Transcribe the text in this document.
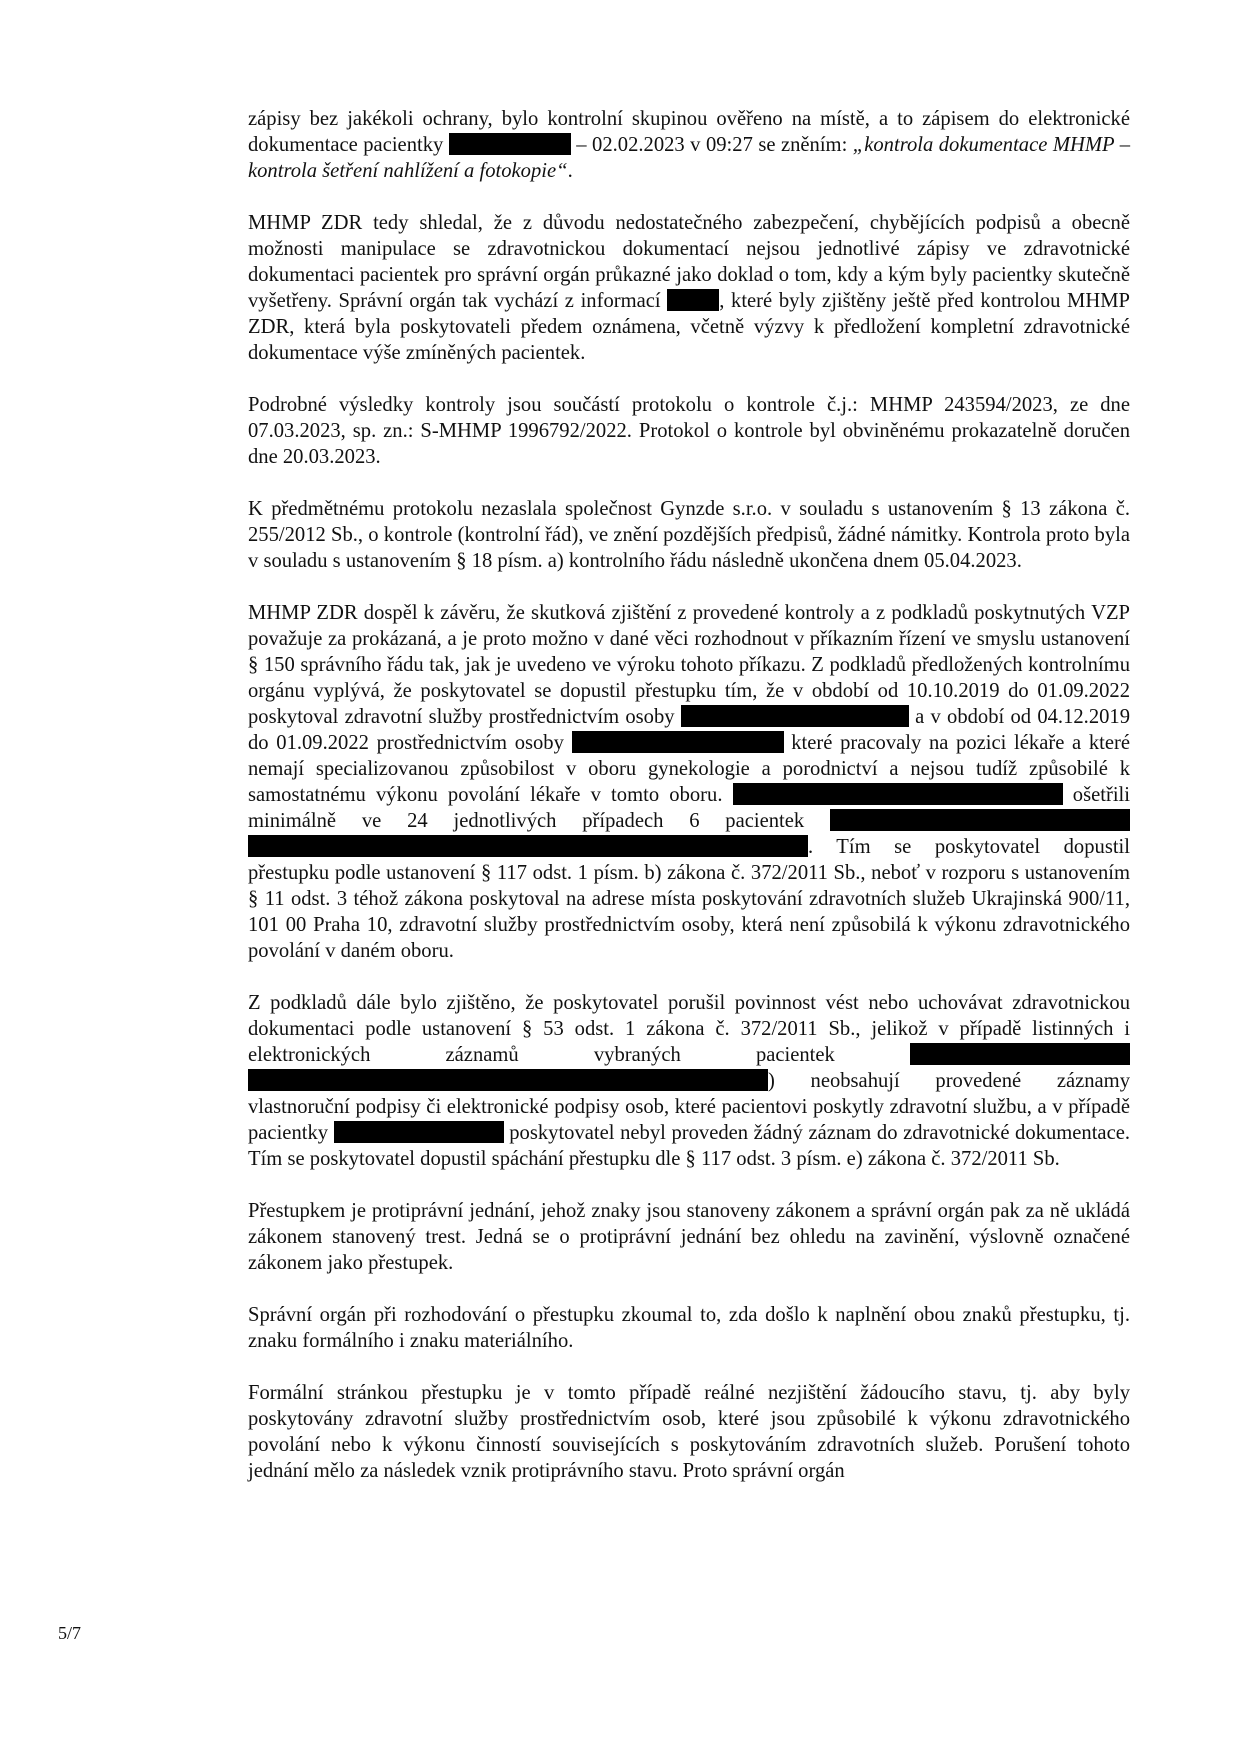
zápisy bez jakékoli ochrany, bylo kontrolní skupinou ověřeno na místě, a to zápisem do elektronické dokumentace pacientky	– 02.02.2023 v 09:27 se zněním: „kontrola dokumentace MHMP – kontrola šetření nahlížení a fotokopie“.

MHMP ZDR tedy shledal, že z důvodu nedostatečného zabezpečení, chybějících podpisů a obecně možnosti manipulace se zdravotnickou dokumentací nejsou jednotlivé zápisy ve zdravotnické dokumentaci pacientek pro správní orgán průkazné jako doklad o tom, kdy a kým byly pacientky skutečně vyšetřeny. Správní orgán tak vychází z informací	, které byly zjištěny ještě před kontrolou MHMP ZDR, která byla poskytovateli předem oznámena, včetně výzvy k předložení kompletní zdravotnické dokumentace výše zmíněných pacientek.

Podrobné výsledky kontroly jsou součástí protokolu o kontrole č.j.: MHMP 243594/2023, ze dne 07.03.2023, sp. zn.: S-MHMP 1996792/2022. Protokol o kontrole byl obviněnému prokazatelně doručen dne 20.03.2023.

K předmětnému protokolu nezaslala společnost Gynzde s.r.o. v souladu s ustanovením § 13 zákona č. 255/2012 Sb., o kontrole (kontrolní řád), ve znění pozdějších předpisů, žádné námitky. Kontrola proto byla v souladu s ustanovením § 18 písm. a) kontrolního řádu následně ukončena dnem 05.04.2023.

MHMP ZDR dospěl k závěru, že skutková zjištění z provedené kontroly a z podkladů poskytnutých VZP považuje za prokázaná, a je proto možno v dané věci rozhodnout v příkazním řízení ve smyslu ustanovení § 150 správního řádu tak, jak je uvedeno ve výroku tohoto příkazu. Z podkladů předložených kontrolnímu orgánu vyplývá, že poskytovatel se dopustil přestupku tím, že v období od 10.10.2019 do 01.09.2022 poskytoval zdravotní služby prostřednictvím osoby	a v období od 04.12.2019 do 01.09.2022 prostřednictvím osoby	které pracovaly na pozici lékaře a které nemají specializovanou způsobilost v oboru gynekologie a porodnictví a nejsou tudíž způsobilé k samostatnému výkonu povolání lékaře v tomto oboru.	ošetřili minimálně ve 24 jednotlivých případech 6 pacientek  . Tím se poskytovatel dopustil přestupku podle ustanovení § 117 odst. 1 písm. b) zákona č. 372/2011 Sb., neboť v rozporu s ustanovením § 11 odst. 3 téhož zákona poskytoval na adrese místa poskytování zdravotních služeb Ukrajinská 900/11, 101 00 Praha 10, zdravotní služby prostřednictvím osoby, která není způsobilá k výkonu zdravotnického povolání v daném oboru.

Z podkladů dále bylo zjištěno, že poskytovatel porušil povinnost vést nebo uchovávat zdravotnickou dokumentaci podle ustanovení § 53 odst. 1 zákona č. 372/2011 Sb., jelikož v případě listinných i elektronických záznamů vybraných pacientek  ) neobsahují provedené záznamy vlastnoruční podpisy či elektronické podpisy osob, které pacientovi poskytly zdravotní službu, a v případě pacientky	poskytovatel nebyl proveden žádný záznam do zdravotnické dokumentace. Tím se poskytovatel dopustil spáchání přestupku dle § 117 odst. 3 písm. e) zákona č. 372/2011 Sb.

Přestupkem je protiprávní jednání, jehož znaky jsou stanoveny zákonem a správní orgán pak za ně ukládá zákonem stanovený trest. Jedná se o protiprávní jednání bez ohledu na zavinění, výslovně označené zákonem jako přestupek.

Správní orgán při rozhodování o přestupku zkoumal to, zda došlo k naplnění obou znaků přestupku, tj. znaku formálního i znaku materiálního.

Formální stránkou přestupku je v tomto případě reálné nezjištění žádoucího stavu, tj. aby byly poskytovány zdravotní služby prostřednictvím osob, které jsou způsobilé k výkonu zdravotnického povolání nebo k výkonu činností souvisejících s poskytováním zdravotních služeb. Porušení tohoto jednání mělo za následek vznik protiprávního stavu. Proto správní orgán

5/7
